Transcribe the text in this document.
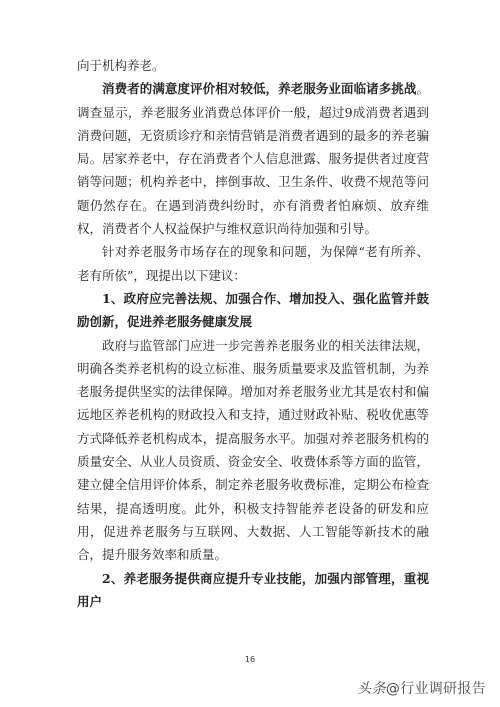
向于机构养老。

消费者的满意度评价相对较低，养老服务业面临诸多挑战。调查显示，养老服务业消费总体评价一般，超过9成消费者遇到消费问题，无资质诊疗和亲情营销是消费者遇到的最多的养老骗局。居家养老中，存在消费者个人信息泄露、服务提供者过度营销等问题；机构养老中，摔倒事故、卫生条件、收费不规范等问题仍然存在。在遇到消费纠纷时，亦有消费者怕麻烦、放弃维权，消费者个人权益保护与维权意识尚待加强和引导。

针对养老服务市场存在的现象和问题，为保障“老有所养、老有所依”，现提出以下建议：

1、政府应完善法规、加强合作、增加投入、强化监管并鼓励创新，促进养老服务健康发展

政府与监管部门应进一步完善养老服务业的相关法律法规，明确各类养老机构的设立标准、服务质量要求及监管机制，为养老服务提供坚实的法律保障。增加对养老服务业尤其是农村和偏远地区养老机构的财政投入和支持，通过财政补贴、税收优惠等方式降低养老机构成本，提高服务水平。加强对养老服务机构的质量安全、从业人员资质、资金安全、收费体系等方面的监管，建立健全信用评价体系，制定养老服务收费标准，定期公布检查结果，提高透明度。此外，积极支持智能养老设备的研发和应用，促进养老服务与互联网、大数据、人工智能等新技术的融合，提升服务效率和质量。

2、养老服务提供商应提升专业技能，加强内部管理，重视用户

16
头条@行业调研报告
